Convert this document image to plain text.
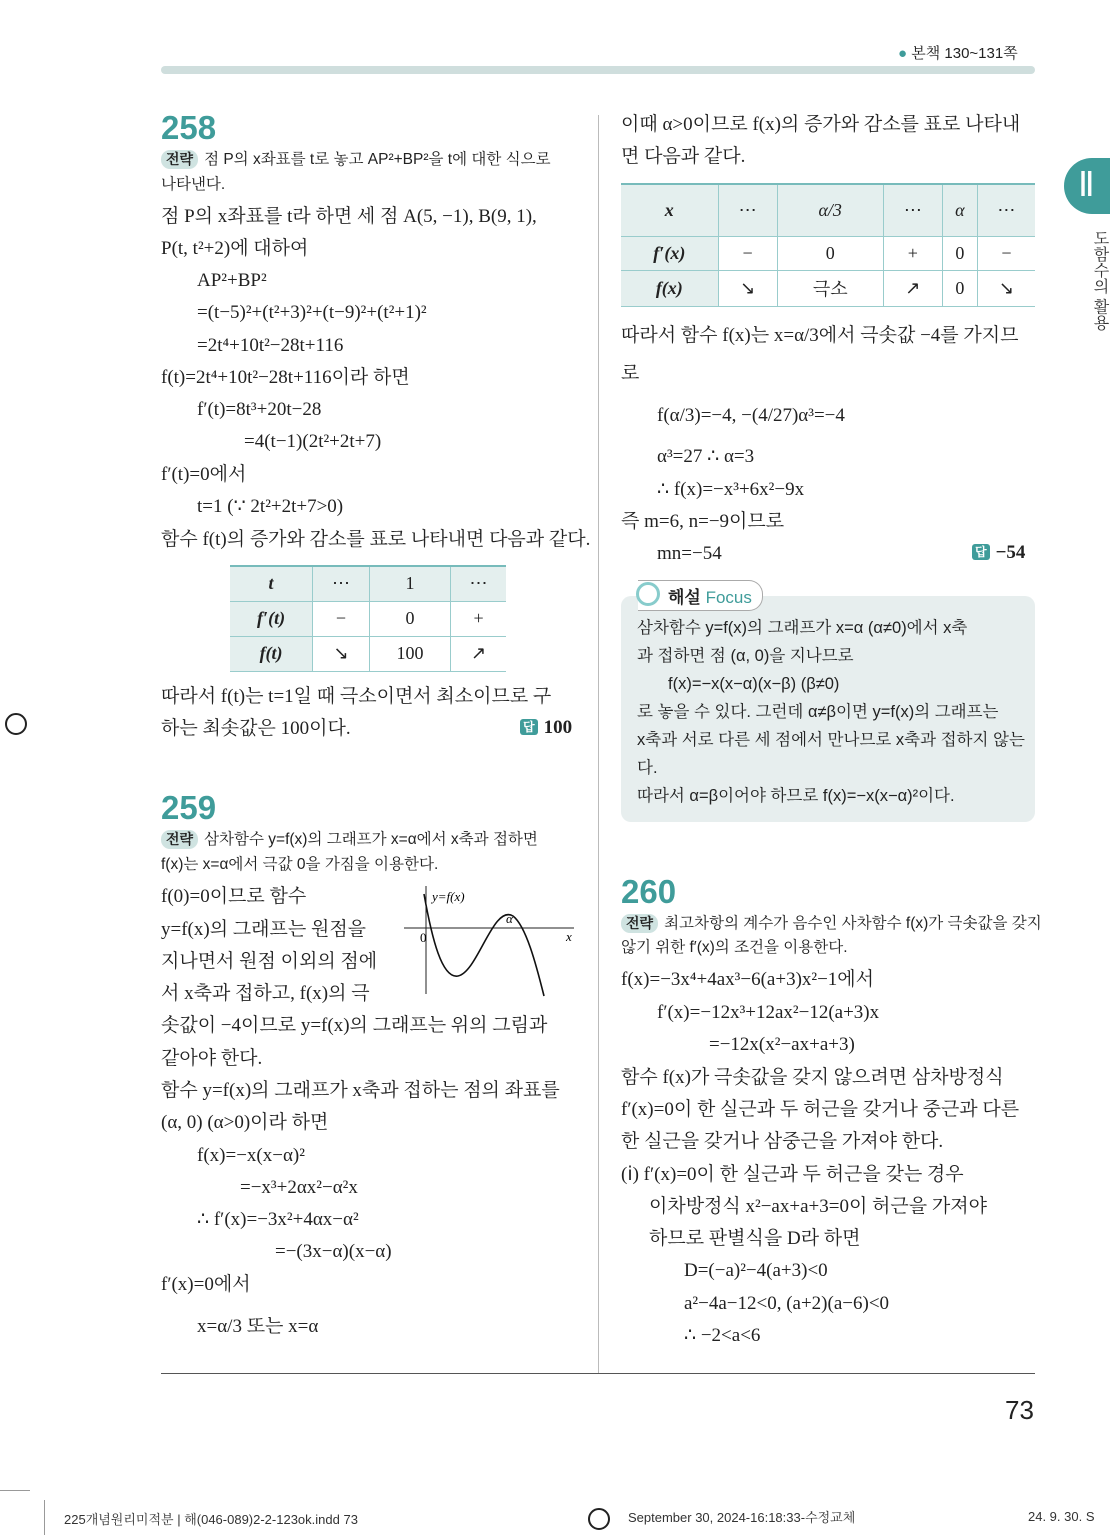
● 본책 130~131쪽
Ⅱ
도함수의 활용
258
전략 점 P의 x좌표를 t로 놓고 AP²+BP²을 t에 대한 식으로
나타낸다.
점 P의 x좌표를 t라 하면 세 점 A(5, −1), B(9, 1),
P(t, t²+2)에 대하여
AP²+BP²
=(t−5)²+(t²+3)²+(t−9)²+(t²+1)²
=2t⁴+10t²−28t+116
f(t)=2t⁴+10t²−28t+116이라 하면
f′(t)=8t³+20t−28
=4(t−1)(2t²+2t+7)
f′(t)=0에서
t=1 (∵ 2t²+2t+7>0)
함수 f(t)의 증가와 감소를 표로 나타내면 다음과 같다.
t	⋯	1	⋯
f′(t)	−	0	+
f(t)	↘	100	↗
따라서 f(t)는 t=1일 때 극소이면서 최소이므로 구
하는 최솟값은 100이다.	답 100
259
전략 삼차함수 y=f(x)의 그래프가 x=α에서 x축과 접하면
f(x)는 x=α에서 극값 0을 가짐을 이용한다.
f(0)=0이므로 함수
y=f(x)의 그래프는 원점을
지나면서 원점 이외의 점에
서 x축과 접하고, f(x)의 극
솟값이 −4이므로 y=f(x)의 그래프는 위의 그림과
같아야 한다.
함수 y=f(x)의 그래프가 x축과 접하는 점의 좌표를
(α, 0) (α>0)이라 하면
f(x)=−x(x−α)²
=−x³+2αx²−α²x
∴ f′(x)=−3x²+4αx−α²
=−(3x−α)(x−α)
f′(x)=0에서
x=α/3 또는 x=α
y=f(x)
0
α
x
이때 α>0이므로 f(x)의 증가와 감소를 표로 나타내
면 다음과 같다.
x	⋯	α/3	⋯	α	⋯
f′(x)	−	0	+	0	−
f(x)	↘	극소	↗	0	↘
따라서 함수 f(x)는 x=α/3에서 극솟값 −4를 가지므
로
f(α/3)=−4, −(4/27)α³=−4
α³=27 ∴ α=3
∴ f(x)=−x³+6x²−9x
즉 m=6, n=−9이므로
mn=−54	답 −54
해설 Focus
삼차함수 y=f(x)의 그래프가 x=α (α≠0)에서 x축
과 접하면 점 (α, 0)을 지나므로
f(x)=−x(x−α)(x−β) (β≠0)
로 놓을 수 있다. 그런데 α≠β이면 y=f(x)의 그래프는
x축과 서로 다른 세 점에서 만나므로 x축과 접하지 않는
다.
따라서 α=β이어야 하므로 f(x)=−x(x−α)²이다.
260
전략 최고차항의 계수가 음수인 사차함수 f(x)가 극솟값을 갖지
않기 위한 f′(x)의 조건을 이용한다.
f(x)=−3x⁴+4ax³−6(a+3)x²−1에서
f′(x)=−12x³+12ax²−12(a+3)x
=−12x(x²−ax+a+3)
함수 f(x)가 극솟값을 갖지 않으려면 삼차방정식
f′(x)=0이 한 실근과 두 허근을 갖거나 중근과 다른
한 실근을 갖거나 삼중근을 가져야 한다.
(ⅰ) f′(x)=0이 한 실근과 두 허근을 갖는 경우
이차방정식 x²−ax+a+3=0이 허근을 가져야
하므로 판별식을 D라 하면
D=(−a)²−4(a+3)<0
a²−4a−12<0, (a+2)(a−6)<0
∴ −2<a<6
73
225개념원리미적분 | 해(046-089)2-2-123ok.indd 73	September 30, 2024-16:18:33-수정교체	24. 9. 30. S
